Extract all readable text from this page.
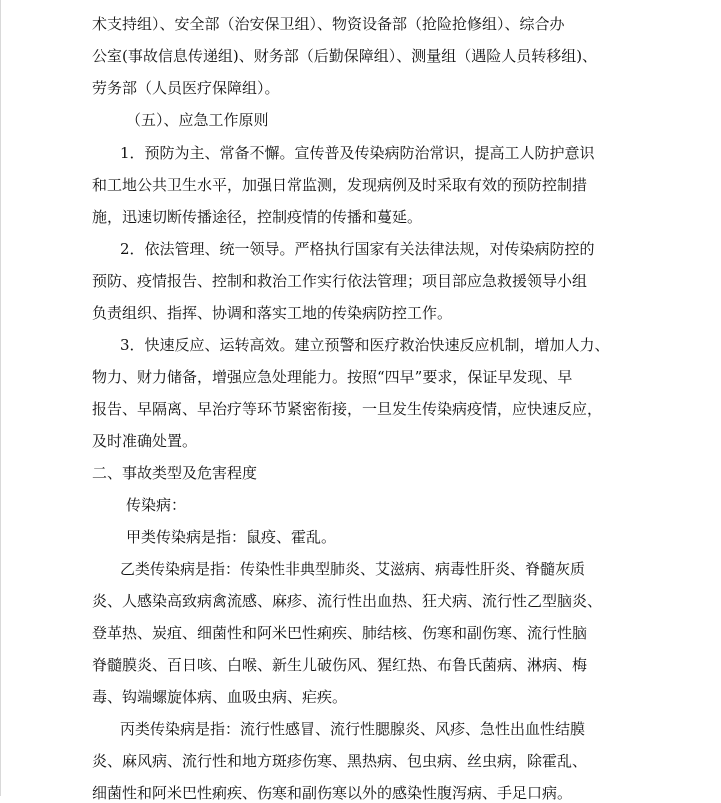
术支持组）、安全部（治安保卫组）、物资设备部（抢险抢修组）、综合办
公室(事故信息传递组)、财务部（后勤保障组）、测量组（遇险人员转移组)、
劳务部（人员医疗保障组）。
（五）、应急工作原则
1．预防为主、常备不懈。宣传普及传染病防治常识，提高工人防护意识
和工地公共卫生水平，加强日常监测，发现病例及时采取有效的预防控制措
施，迅速切断传播途径，控制疫情的传播和蔓延。
2．依法管理、统一领导。严格执行国家有关法律法规，对传染病防控的
预防、疫情报告、控制和救治工作实行依法管理；项目部应急救援领导小组
负责组织、指挥、协调和落实工地的传染病防控工作。
3．快速反应、运转高效。建立预警和医疗救治快速反应机制，增加人力、
物力、财力储备，增强应急处理能力。按照“四早”要求，保证早发现、早
报告、早隔离、早治疗等环节紧密衔接，一旦发生传染病疫情，应快速反应，
及时准确处置。
二、事故类型及危害程度
传染病：
甲类传染病是指：鼠疫、霍乱。
乙类传染病是指：传染性非典型肺炎、艾滋病、病毒性肝炎、脊髓灰质
炎、人感染高致病禽流感、麻疹、流行性出血热、狂犬病、流行性乙型脑炎、
登革热、炭疽、细菌性和阿米巴性痢疾、肺结核、伤寒和副伤寒、流行性脑
脊髓膜炎、百日咳、白喉、新生儿破伤风、猩红热、布鲁氏菌病、淋病、梅
毒、钩端螺旋体病、血吸虫病、疟疾。
丙类传染病是指：流行性感冒、流行性腮腺炎、风疹、急性出血性结膜
炎、麻风病、流行性和地方斑疹伤寒、黑热病、包虫病、丝虫病，除霍乱、
细菌性和阿米巴性痢疾、伤寒和副伤寒以外的感染性腹泻病、手足口病。
